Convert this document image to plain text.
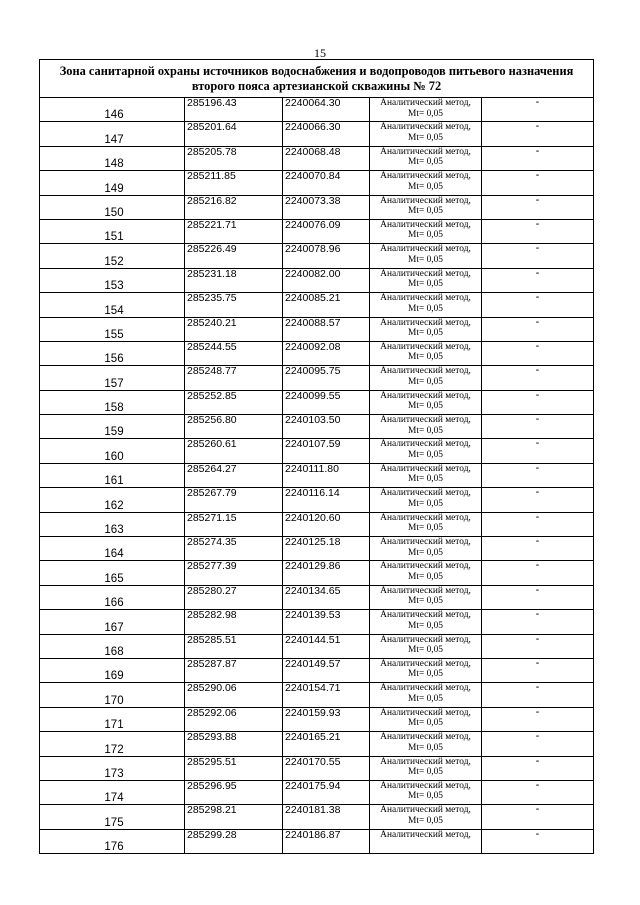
15
Зона санитарной охраны источников водоснабжения и водопроводов питьевого назначения
второго пояса артезианской скважины № 72				

146	285196.43	2240064.30	Аналитический метод,
Мt= 0,05	-

147	285201.64	2240066.30	Аналитический метод,
Мt= 0,05	-

148	285205.78	2240068.48	Аналитический метод,
Мt= 0,05	-

149	285211.85	2240070.84	Аналитический метод,
Мt= 0,05	-

150	285216.82	2240073.38	Аналитический метод,
Мt= 0,05	-

151	285221.71	2240076.09	Аналитический метод,
Мt= 0,05	-

152	285226.49	2240078.96	Аналитический метод,
Мt= 0,05	-

153	285231.18	2240082.00	Аналитический метод,
Мt= 0,05	-

154	285235.75	2240085.21	Аналитический метод,
Мt= 0,05	-

155	285240.21	2240088.57	Аналитический метод,
Мt= 0,05	-

156	285244.55	2240092.08	Аналитический метод,
Мt= 0,05	-

157	285248.77	2240095.75	Аналитический метод,
Мt= 0,05	-

158	285252.85	2240099.55	Аналитический метод,
Мt= 0,05	-

159	285256.80	2240103.50	Аналитический метод,
Мt= 0,05	-

160	285260.61	2240107.59	Аналитический метод,
Мt= 0,05	-

161	285264.27	2240111.80	Аналитический метод,
Мt= 0,05	-

162	285267.79	2240116.14	Аналитический метод,
Мt= 0,05	-

163	285271.15	2240120.60	Аналитический метод,
Мt= 0,05	-

164	285274.35	2240125.18	Аналитический метод,
Мt= 0,05	-

165	285277.39	2240129.86	Аналитический метод,
Мt= 0,05	-

166	285280.27	2240134.65	Аналитический метод,
Мt= 0,05	-

167	285282.98	2240139.53	Аналитический метод,
Мt= 0,05	-

168	285285.51	2240144.51	Аналитический метод,
Мt= 0,05	-

169	285287.87	2240149.57	Аналитический метод,
Мt= 0,05	-

170	285290.06	2240154.71	Аналитический метод,
Мt= 0,05	-

171	285292.06	2240159.93	Аналитический метод,
Мt= 0,05	-

172	285293.88	2240165.21	Аналитический метод,
Мt= 0,05	-

173	285295.51	2240170.55	Аналитический метод,
Мt= 0,05	-

174	285296.95	2240175.94	Аналитический метод,
Мt= 0,05	-

175	285298.21	2240181.38	Аналитический метод,
Мt= 0,05	-

176	285299.28	2240186.87	Аналитический метод,	-
